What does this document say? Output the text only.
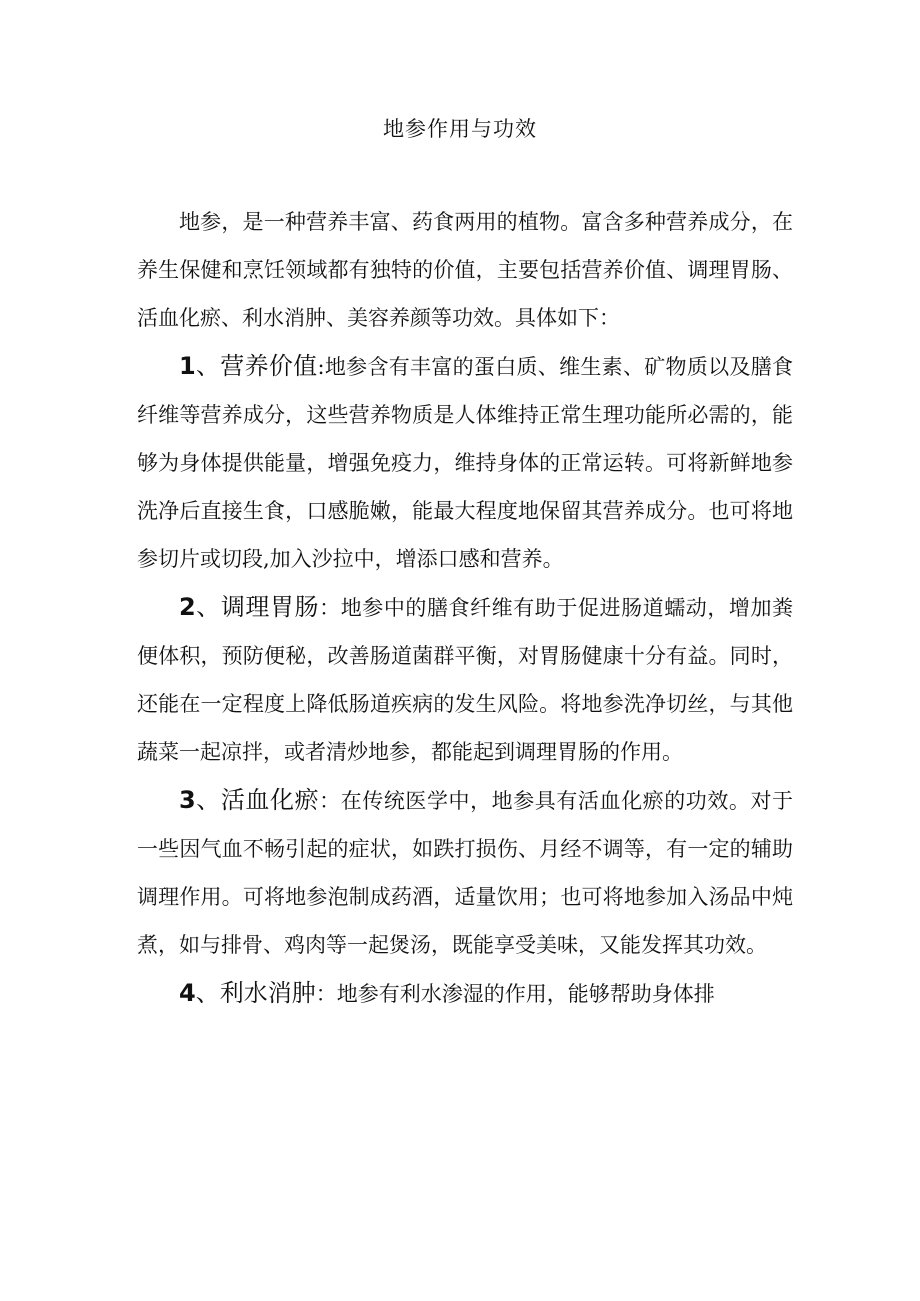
地参作用与功效

地参，是一种营养丰富、药食两用的植物。富含多种营养成分，在养生保健和烹饪领域都有独特的价值，主要包括营养价值、调理胃肠、活血化瘀、利水消肿、美容养颜等功效。具体如下：

1、营养价值:地参含有丰富的蛋白质、维生素、矿物质以及膳食纤维等营养成分，这些营养物质是人体维持正常生理功能所必需的，能够为身体提供能量，增强免疫力，维持身体的正常运转。可将新鲜地参洗净后直接生食，口感脆嫩，能最大程度地保留其营养成分。也可将地参切片或切段,加入沙拉中，增添口感和营养。

2、调理胃肠：地参中的膳食纤维有助于促进肠道蠕动，增加粪便体积，预防便秘，改善肠道菌群平衡，对胃肠健康十分有益。同时，还能在一定程度上降低肠道疾病的发生风险。将地参洗净切丝，与其他蔬菜一起凉拌，或者清炒地参，都能起到调理胃肠的作用。

3、活血化瘀：在传统医学中，地参具有活血化瘀的功效。对于一些因气血不畅引起的症状，如跌打损伤、月经不调等，有一定的辅助调理作用。可将地参泡制成药酒，适量饮用；也可将地参加入汤品中炖煮，如与排骨、鸡肉等一起煲汤，既能享受美味，又能发挥其功效。

4、利水消肿：地参有利水渗湿的作用，能够帮助身体排
